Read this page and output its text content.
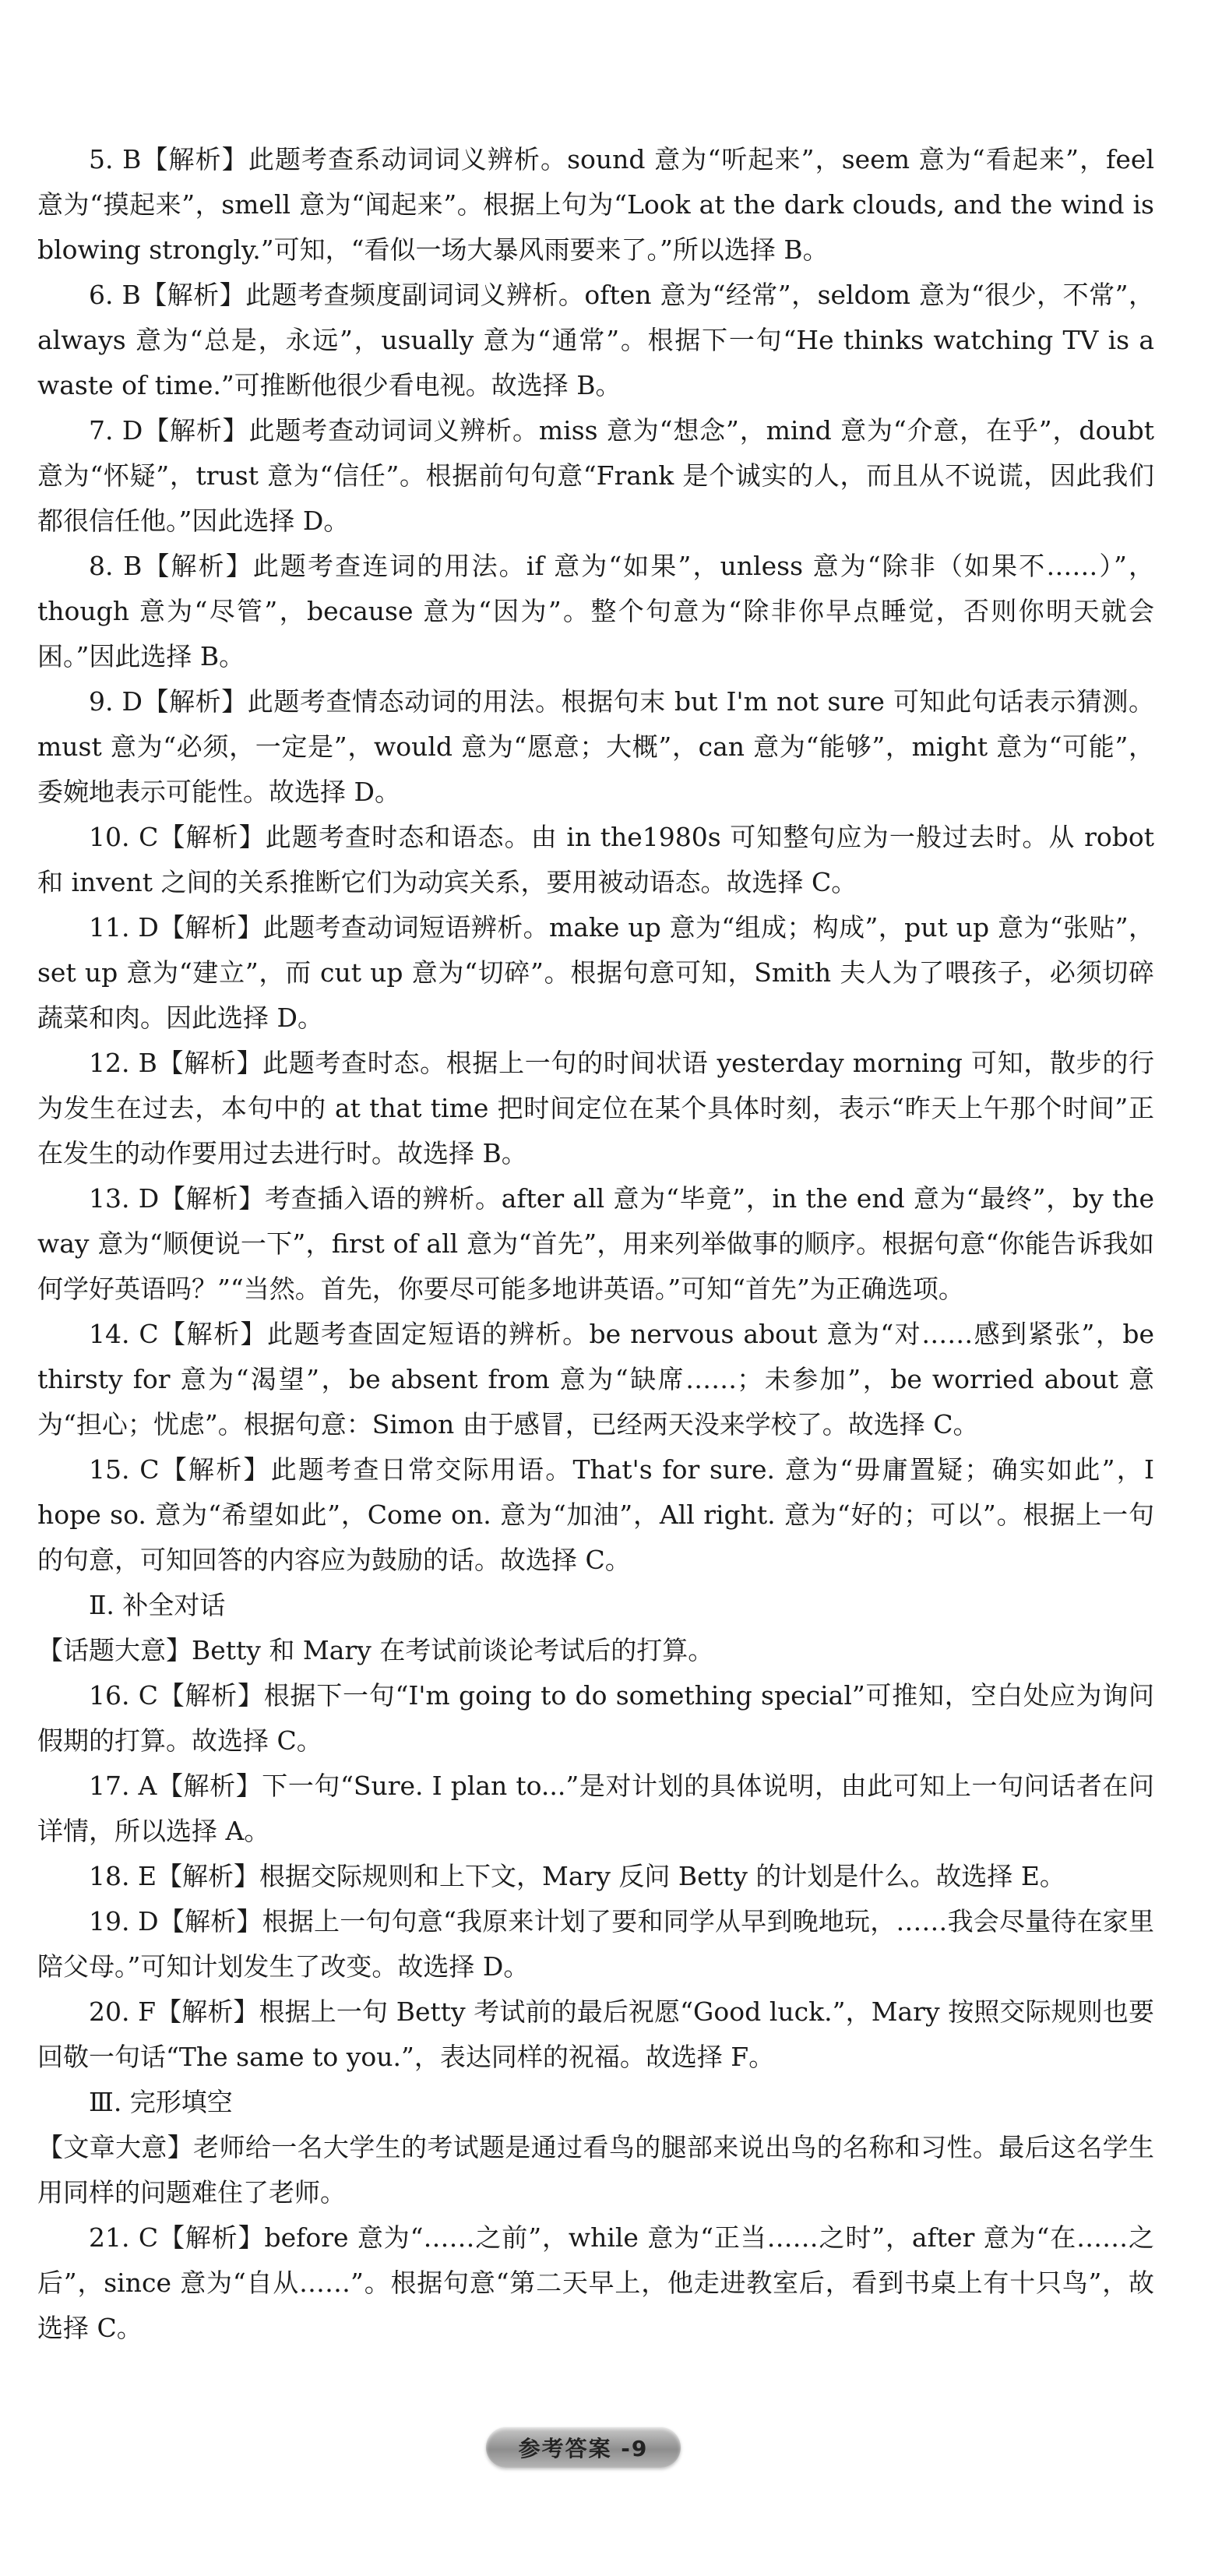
5. B【解析】此题考查系动词词义辨析。sound 意为“听起来”，seem 意为“看起来”，feel 意为“摸起来”，smell 意为“闻起来”。根据上句为“Look at the dark clouds, and the wind is blowing strongly.”可知，“看似一场大暴风雨要来了。”所以选择 B。

6. B【解析】此题考查频度副词词义辨析。often 意为“经常”，seldom 意为“很少，不常”，always 意为“总是，永远”，usually 意为“通常”。根据下一句“He thinks watching TV is a waste of time.”可推断他很少看电视。故选择 B。

7. D【解析】此题考查动词词义辨析。miss 意为“想念”，mind 意为“介意，在乎”，doubt 意为“怀疑”，trust 意为“信任”。根据前句句意“Frank 是个诚实的人，而且从不说谎，因此我们都很信任他。”因此选择 D。

8. B【解析】此题考查连词的用法。if 意为“如果”，unless 意为“除非（如果不……）”，though 意为“尽管”，because 意为“因为”。整个句意为“除非你早点睡觉，否则你明天就会困。”因此选择 B。

9. D【解析】此题考查情态动词的用法。根据句末 but I'm not sure 可知此句话表示猜测。must 意为“必须，一定是”，would 意为“愿意；大概”，can 意为“能够”，might 意为“可能”，委婉地表示可能性。故选择 D。

10. C【解析】此题考查时态和语态。由 in the1980s 可知整句应为一般过去时。从 robot 和 invent 之间的关系推断它们为动宾关系，要用被动语态。故选择 C。

11. D【解析】此题考查动词短语辨析。make up 意为“组成；构成”，put up 意为“张贴”，set up 意为“建立”，而 cut up 意为“切碎”。根据句意可知，Smith 夫人为了喂孩子，必须切碎蔬菜和肉。因此选择 D。

12. B【解析】此题考查时态。根据上一句的时间状语 yesterday morning 可知，散步的行为发生在过去，本句中的 at that time 把时间定位在某个具体时刻，表示“昨天上午那个时间”正在发生的动作要用过去进行时。故选择 B。

13. D【解析】考查插入语的辨析。after all 意为“毕竟”，in the end 意为“最终”，by the way 意为“顺便说一下”，first of all 意为“首先”，用来列举做事的顺序。根据句意“你能告诉我如何学好英语吗？”“当然。首先，你要尽可能多地讲英语。”可知“首先”为正确选项。

14. C【解析】此题考查固定短语的辨析。be nervous about 意为“对……感到紧张”，be thirsty for 意为“渴望”，be absent from 意为“缺席……；未参加”，be worried about 意为“担心；忧虑”。根据句意：Simon 由于感冒，已经两天没来学校了。故选择 C。

15. C【解析】此题考查日常交际用语。That's for sure. 意为“毋庸置疑；确实如此”，I hope so. 意为“希望如此”，Come on. 意为“加油”，All right. 意为“好的；可以”。根据上一句的句意，可知回答的内容应为鼓励的话。故选择 C。

Ⅱ. 补全对话

【话题大意】Betty 和 Mary 在考试前谈论考试后的打算。

16. C【解析】根据下一句“I'm going to do something special”可推知，空白处应为询问假期的打算。故选择 C。

17. A【解析】下一句“Sure. I plan to...”是对计划的具体说明，由此可知上一句问话者在问详情，所以选择 A。

18. E【解析】根据交际规则和上下文，Mary 反问 Betty 的计划是什么。故选择 E。

19. D【解析】根据上一句句意“我原来计划了要和同学从早到晚地玩，……我会尽量待在家里陪父母。”可知计划发生了改变。故选择 D。

20. F【解析】根据上一句 Betty 考试前的最后祝愿“Good luck.”，Mary 按照交际规则也要回敬一句话“The same to you.”，表达同样的祝福。故选择 F。

Ⅲ. 完形填空

【文章大意】老师给一名大学生的考试题是通过看鸟的腿部来说出鸟的名称和习性。最后这名学生用同样的问题难住了老师。

21. C【解析】before 意为“……之前”，while 意为“正当……之时”，after 意为“在……之后”，since 意为“自从……”。根据句意“第二天早上，他走进教室后，看到书桌上有十只鸟”，故选择 C。

参考答案 -9
